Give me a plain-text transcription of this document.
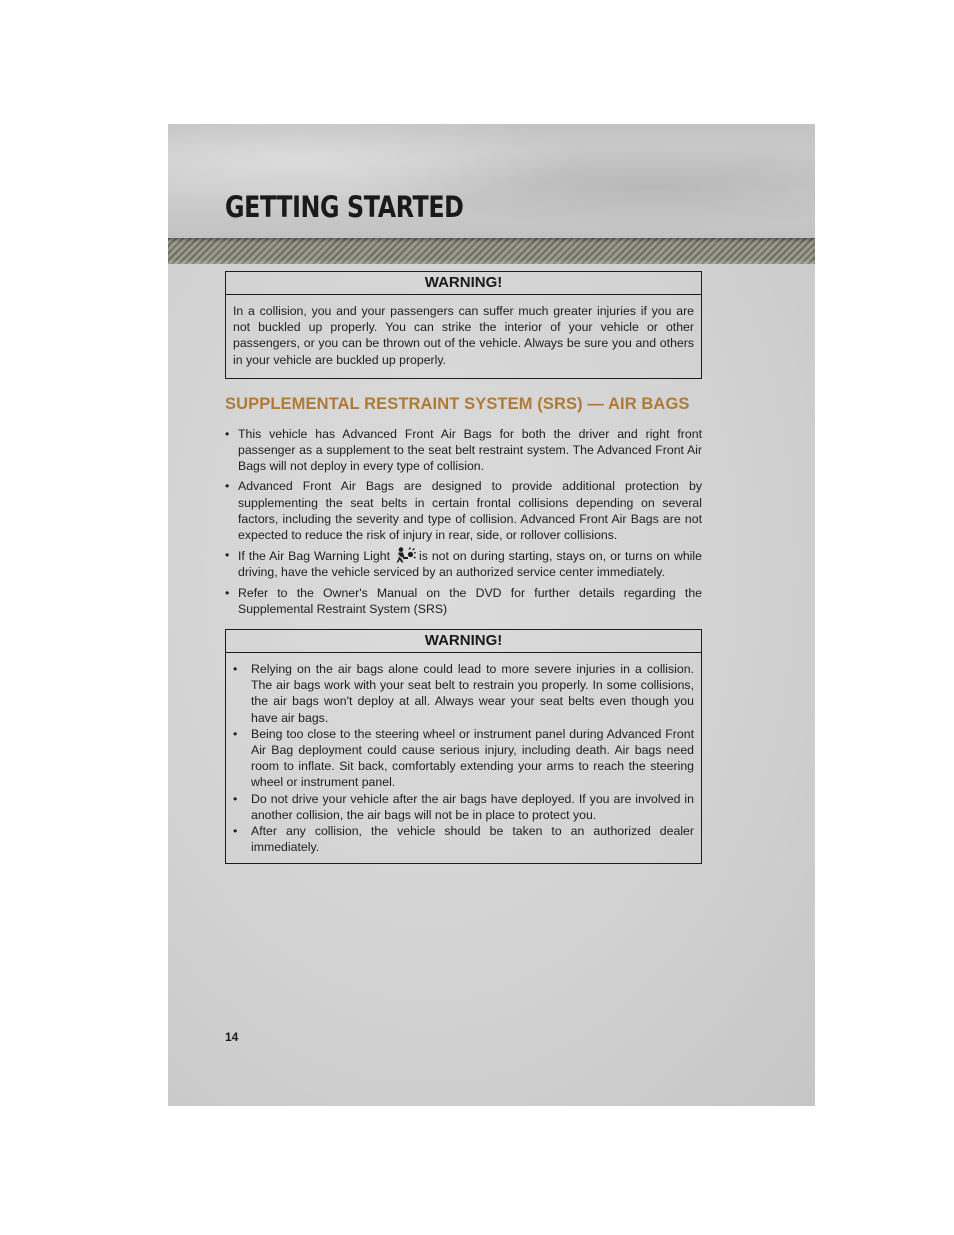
GETTING STARTED
WARNING!
In a collision, you and your passengers can suffer much greater injuries if you are not buckled up properly. You can strike the interior of your vehicle or other passengers, or you can be thrown out of the vehicle. Always be sure you and others in your vehicle are buckled up properly.
SUPPLEMENTAL RESTRAINT SYSTEM (SRS) — AIR BAGS
• This vehicle has Advanced Front Air Bags for both the driver and right front passenger as a supplement to the seat belt restraint system. The Advanced Front Air Bags will not deploy in every type of collision.
• Advanced Front Air Bags are designed to provide additional protection by supplementing the seat belts in certain frontal collisions depending on several factors, including the severity and type of collision. Advanced Front Air Bags are not expected to reduce the risk of injury in rear, side, or rollover collisions.
• If the Air Bag Warning Light is not on during starting, stays on, or turns on while driving, have the vehicle serviced by an authorized service center immediately.
• Refer to the Owner's Manual on the DVD for further details regarding the Supplemental Restraint System (SRS)
WARNING!
• Relying on the air bags alone could lead to more severe injuries in a collision. The air bags work with your seat belt to restrain you properly. In some collisions, the air bags won't deploy at all. Always wear your seat belts even though you have air bags.
• Being too close to the steering wheel or instrument panel during Advanced Front Air Bag deployment could cause serious injury, including death. Air bags need room to inflate. Sit back, comfortably extending your arms to reach the steering wheel or instrument panel.
• Do not drive your vehicle after the air bags have deployed. If you are involved in another collision, the air bags will not be in place to protect you.
• After any collision, the vehicle should be taken to an authorized dealer immediately.
14
